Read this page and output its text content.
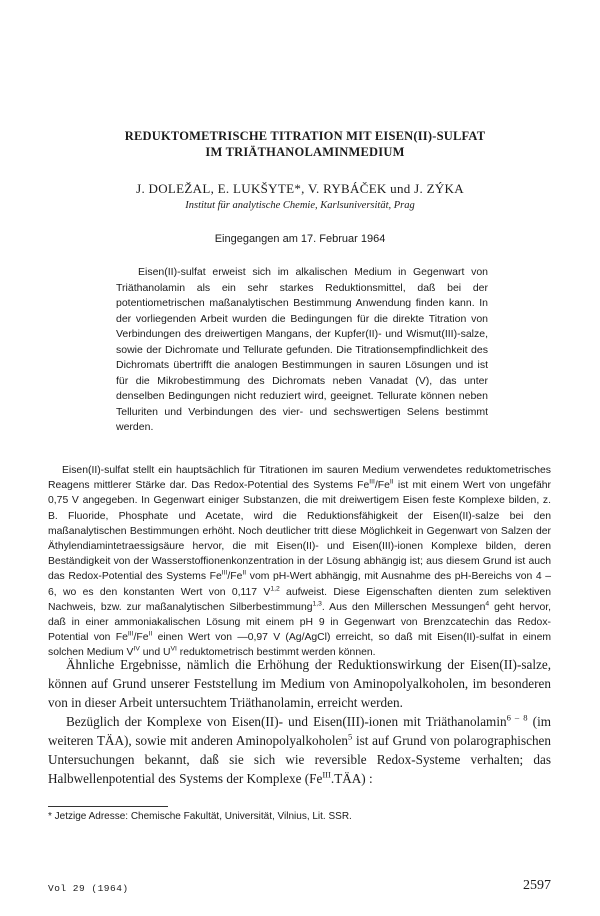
REDUKTOMETRISCHE TITRATION MIT EISEN(II)-SULFAT
IM TRIÄTHANOLAMINMEDIUM
J. DOLEŽAL, E. LUKŠYTE*, V. RYBÁČEK und J. ZÝKA
Institut für analytische Chemie, Karlsuniversität, Prag
Eingegangen am 17. Februar 1964

Eisen(II)-sulfat erweist sich im alkalischen Medium in Gegenwart von Triäthanolamin als ein sehr starkes Reduktionsmittel, daß bei der potentiometrischen maßanalytischen Bestimmung Anwendung finden kann. In der vorliegenden Arbeit wurden die Bedingungen für die direkte Titration von Verbindungen des dreiwertigen Mangans, der Kupfer(II)- und Wismut(III)-salze, sowie der Dichromate und Tellurate gefunden. Die Titrationsempfindlichkeit des Dichromats übertrifft die analogen Bestimmungen in sauren Lösungen und ist für die Mikrobestimmung des Dichromats neben Vanadat (V), das unter denselben Bedingungen nicht reduziert wird, geeignet. Tellurate können neben Telluriten und Verbindungen des vier- und sechswertigen Selens bestimmt werden.

Eisen(II)-sulfat stellt ein hauptsächlich für Titrationen im sauren Medium verwendetes reduktometrisches Reagens mittlerer Stärke dar. Das Redox-Potential des Systems $Fe^{III}/Fe^{II}$ ist mit einem Wert von ungefähr 0,75 V angegeben. In Gegenwart einiger Substanzen, die mit dreiwertigem Eisen feste Komplexe bilden, z. B. Fluoride, Phosphate und Acetate, wird die Reduktionsfähigkeit der Eisen(II)-salze bei den maßanalytischen Bestimmungen erhöht. Noch deutlicher tritt diese Möglichkeit in Gegenwart von Salzen der Äthylendiamintetraessigsäure hervor, die mit Eisen(II)- und Eisen(III)-ionen Komplexe bilden, deren Beständigkeit von der Wasserstoffionenkonzentration in der Lösung abhängig ist; aus diesem Grund ist auch das Redox-Potential des Systems $Fe^{III}/Fe^{II}$ vom pH-Wert abhängig, mit Ausnahme des pH-Bereichs von 4 – 6, wo es den konstanten Wert von 0,117 V$^{1,2}$ aufweist. Diese Eigenschaften dienten zum selektiven Nachweis, bzw. zur maßanalytischen Silberbestimmung$^{1,3}$. Aus den Millerschen Messungen$^4$ geht hervor, daß in einer ammoniakalischen Lösung mit einem pH 9 in Gegenwart von Brenzcatechin das Redox-Potential von $Fe^{III}/Fe^{II}$ einen Wert von —0,97 V (Ag/AgCl) erreicht, so daß mit Eisen(II)-sulfat in einem solchen Medium $V^{IV}$ und $U^{VI}$ reduktometrisch bestimmt werden können.

Ähnliche Ergebnisse, nämlich die Erhöhung der Reduktionswirkung der Eisen(II)-salze, können auf Grund unserer Feststellung im Medium von Aminopolyalkoholen, im besonderen von in dieser Arbeit untersuchtem Triäthanolamin, erreicht werden.

Bezüglich der Komplexe von Eisen(II)- und Eisen(III)-ionen mit Triäthanolamin$^{6 - 8}$ (im weiteren TÄA), sowie mit anderen Aminopolyalkoholen$^5$ ist auf Grund von polarographischen Untersuchungen bekannt, daß sie sich wie reversible Redox-Systeme verhalten; das Halbwellenpotential des Systems der Komplexe $(Fe^{III}.TÄA)$ :

* Jetzige Adresse: Chemische Fakultät, Universität, Vilnius, Lit. SSR.
Vol 29 (1964)	2597
